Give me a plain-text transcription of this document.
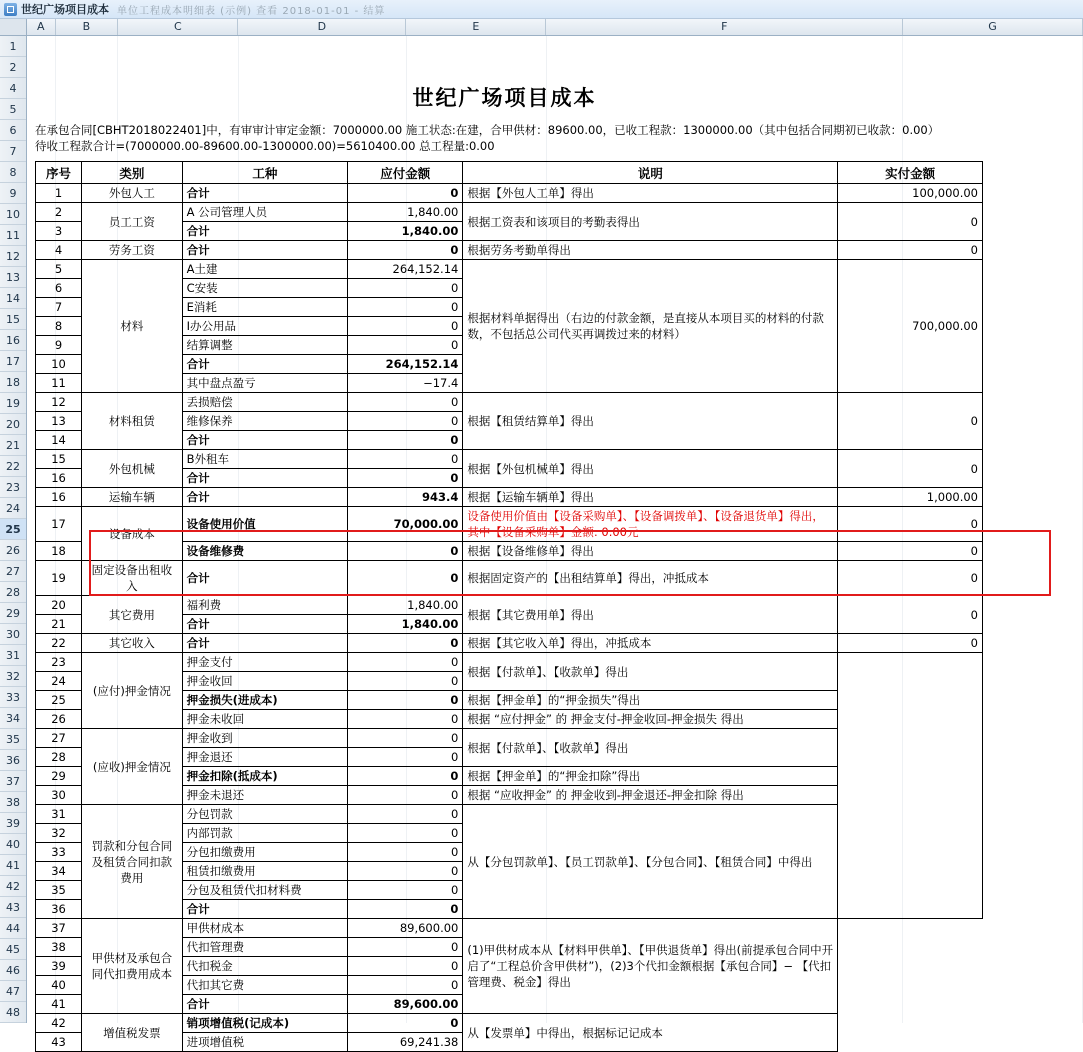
世纪广场项目成本 单位工程成本明细表 (示例) 查看 2018-01-01 - 结算
A	B	C	D	E	F	G
1
2
4
5
6
7
8
9
10
11
12
13
14
15
16
17
18
19
20
21
22
23
24
25
26
27
28
29
30
31
32
33
34
35
36
37
38
39
40
41
42
43
44
45
46
47
48
世纪广场项目成本
在承包合同[CBHT2018022401]中，有审审计审定金额：7000000.00 施工状态:在建，合甲供材：89600.00，已收工程款：1300000.00（其中包括合同期初已收款：0.00）
待收工程款合计=(7000000.00-89600.00-1300000.00)=5610400.00 总工程量:0.00
序号	类别	工种	应付金额	说明	实付金额
1	外包人工	合计	0	根据【外包人工单】得出	100,000.00
2	员工工资	A 公司管理人员	1,840.00	根据工资表和该项目的考勤表得出	0
3		合计	1,840.00		
4	劳务工资	合计	0	根据劳务考勤单得出	0
5	材料	A土建	264,152.14	根据材料单据得出（右边的付款金额，是直接从本项目买的材料的付款数，不包括总公司代买再调拨过来的材料）	700,000.00
6		C安装	0		
7		E消耗	0		
8		I办公用品	0		
9		结算调整	0		
10		合计	264,152.14		
11		其中盘点盈亏	−17.4		
12	材料租赁	丢损赔偿	0	根据【租赁结算单】得出	0
13		维修保养	0		
14		合计	0		
15	外包机械	B外租车	0	根据【外包机械单】得出	0
16		合计	0		
16	运输车辆	合计	943.4	根据【运输车辆单】得出	1,000.00
17	设备成本	设备使用价值	70,000.00	设备使用价值由【设备采购单】、【设备调拨单】、【设备退货单】得出，其中【设备采购单】金额: 0.00元	0
18		设备维修费	0	根据【设备维修单】得出	0
19	固定设备出租收入	合计	0	根据固定资产的【出租结算单】得出，冲抵成本	0
20	其它费用	福利费	1,840.00	根据【其它费用单】得出	0
21		合计	1,840.00		
22	其它收入	合计	0	根据【其它收入单】得出，冲抵成本	0
23	(应付)押金情况	押金支付	0	根据【付款单】、【收款单】得出	
24		押金收回	0		
25		押金损失(进成本)	0	根据【押金单】的“押金损失”得出	
26		押金未收回	0	根据 “应付押金” 的 押金支付-押金收回-押金损失 得出	
27	(应收)押金情况	押金收到	0	根据【付款单】、【收款单】得出	
28		押金退还	0		
29		押金扣除(抵成本)	0	根据【押金单】的“押金扣除”得出	
30		押金未退还	0	根据 “应收押金” 的 押金收到-押金退还-押金扣除 得出	
31	罚款和分包合同及租赁合同扣款费用	分包罚款	0	从【分包罚款单】、【员工罚款单】、【分包合同】、【租赁合同】中得出	
32		内部罚款	0		
33		分包扣缴费用	0		
34		租赁扣缴费用	0		
35		分包及租赁代扣材料费	0		
36		合计	0		
37	甲供材及承包合同代扣费用成本	甲供材成本	89,600.00	(1)甲供材成本从【材料甲供单】、【甲供退货单】得出(前提承包合同中开启了“工程总价含甲供材”)，(2)3个代扣金额根据【承包合同】− 【代扣管理费、税金】得出	
38		代扣管理费	0		
39		代扣税金	0		
40		代扣其它费	0		
41		合计	89,600.00		
42	增值税发票	销项增值税(记成本)	0	从【发票单】中得出，根据标记记成本	
43		进项增值税	69,241.38		
